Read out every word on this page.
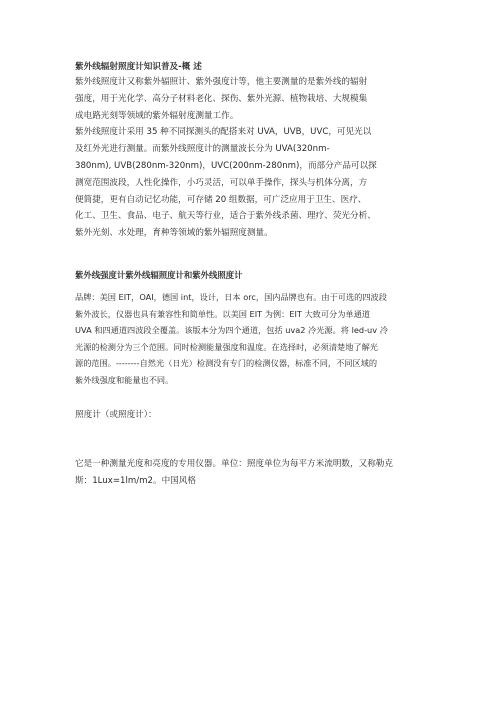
紫外线辐射照度计知识普及-概 述
紫外线照度计又称紫外辐照计、紫外强度计等，他主要测量的是紫外线的辐射
强度，用于光化学、高分子材料老化、探伤、紫外光源、植物栽培、大规模集
成电路光刻等领域的紫外辐射度测量工作。
紫外线照度计采用 35 种不同探测头的配搭来对 UVA，UVB，UVC，可见光以
及红外光进行测量。而紫外线照度计的测量波长分为 UVA(320nm-
380nm), UVB(280nm-320nm)，UVC(200nm-280nm)，而部分产品可以探
测宽范围波段，人性化操作，小巧灵活，可以单手操作，探头与机体分离，方
便简捷，更有自动记忆功能，可存储 20 组数据，可广泛应用于卫生、医疗、
化工、卫生、食品、电子、航天等行业，适合于紫外线杀菌、理疗、荧光分析、
紫外光刻、水处理，育种等领域的紫外辐照度测量。
紫外线强度计紫外线辐照度计和紫外线照度计
品牌：美国 EIT，OAI，德国 int，设计，日本 orc，国内品牌也有。由于可选的四波段
紫外波长，仪器也具有兼容性和简单性。以美国 EIT 为例：EIT 大致可分为单通道
UVA 和四通道四波段全覆盖。该版本分为四个通道，包括 uva2 冷光源。将 led-uv 冷
光源的检测分为三个范围。同时检测能量强度和温度。在选择时，必须清楚地了解光
源的范围。--------自然光（日光）检测没有专门的检测仪器，标准不同，不同区域的
紫外线强度和能量也不同。
照度计（或照度计）：
它是一种测量光度和亮度的专用仪器。单位：照度单位为每平方米流明数，又称勒克
斯：1Lux=1lm/m2。中国风格
